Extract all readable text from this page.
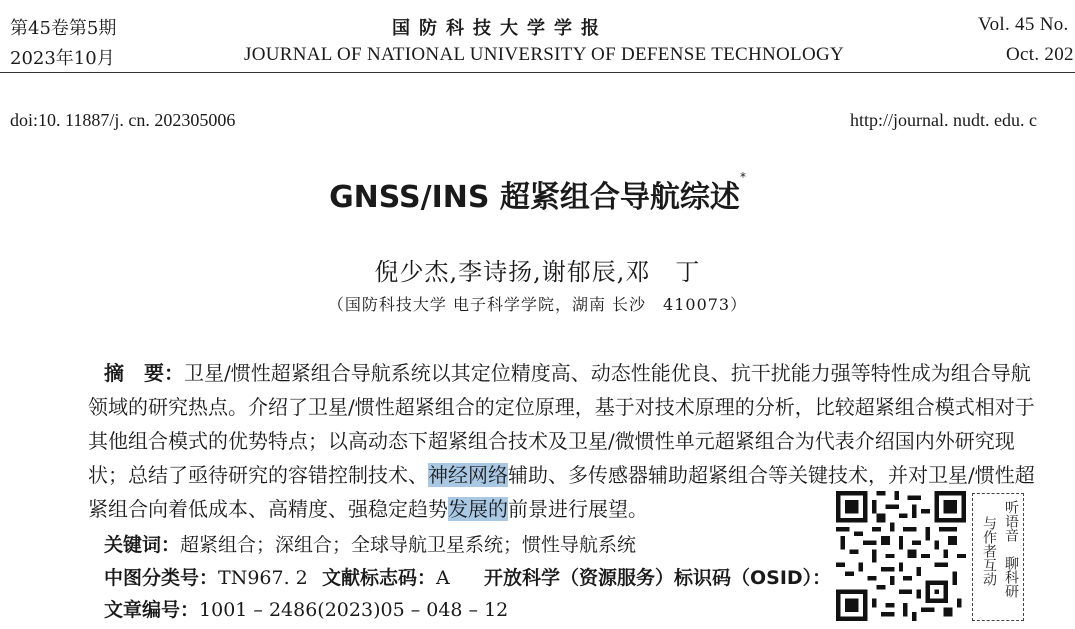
第45卷第5期
2023年10月
国防科技大学学报
JOURNAL OF NATIONAL UNIVERSITY OF DEFENSE TECHNOLOGY
Vol. 45 No.
Oct. 202
doi:10. 11887/j. cn. 202305006	http://journal. nudt. edu. c
GNSS/INS 超紧组合导航综述*
倪少杰,李诗扬,谢郁辰,邓　丁
（国防科技大学 电子科学学院，湖南 长沙　410073）
摘　要：卫星/惯性超紧组合导航系统以其定位精度高、动态性能优良、抗干扰能力强等特性成为组合导航领域的研究热点。介绍了卫星/惯性超紧组合的定位原理，基于对技术原理的分析，比较超紧组合模式相对于其他组合模式的优势特点；以高动态下超紧组合技术及卫星/微惯性单元超紧组合为代表介绍国内外研究现状；总结了亟待研究的容错控制技术、神经网络辅助、多传感器辅助超紧组合等关键技术，并对卫星/惯性超紧组合向着低成本、高精度、强稳定趋势发展的前景进行展望。
关键词：超紧组合；深组合；全球导航卫星系统；惯性导航系统
中图分类号：TN967. 2 文献标志码：A 开放科学（资源服务）标识码（OSID）：
文章编号：1001 – 2486(2023)05 – 048 – 12
听语音
聊科研
与作者互动
